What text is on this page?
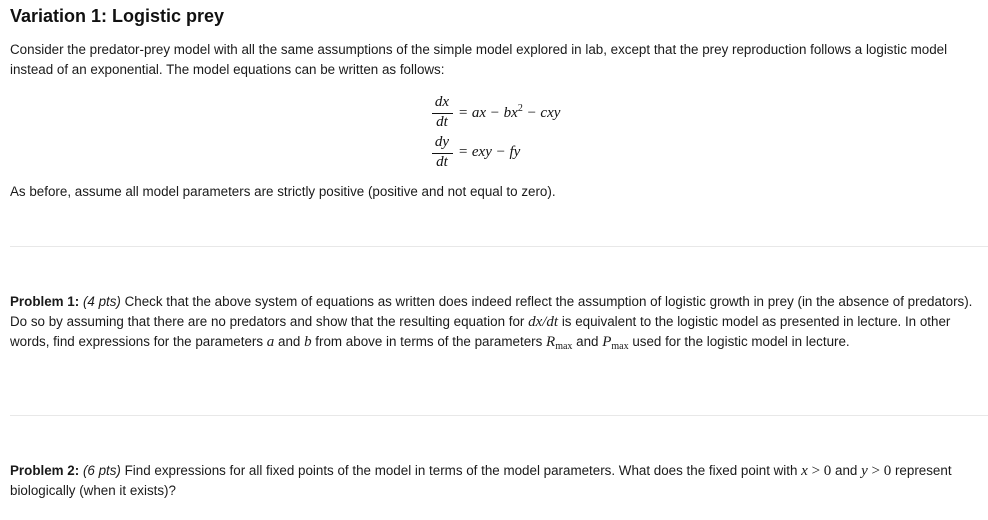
Variation 1: Logistic prey
Consider the predator-prey model with all the same assumptions of the simple model explored in lab, except that the prey reproduction follows a logistic model instead of an exponential. The model equations can be written as follows:
dx
dt
= ax − $bx^2$ − cxy
dy
dt
= exy − fy
As before, assume all model parameters are strictly positive (positive and not equal to zero).
Problem 1: (4 pts) Check that the above system of equations as written does indeed reflect the assumption of logistic growth in prey (in the absence of predators). Do so by assuming that there are no predators and show that the resulting equation for dx/dt is equivalent to the logistic model as presented in lecture. In other words, find expressions for the parameters a and b from above in terms of the parameters $R_{max}$ and $P_{max}$ used for the logistic model in lecture.
Problem 2: (6 pts) Find expressions for all fixed points of the model in terms of the model parameters. What does the fixed point with x > 0 and y > 0 represent biologically (when it exists)?
